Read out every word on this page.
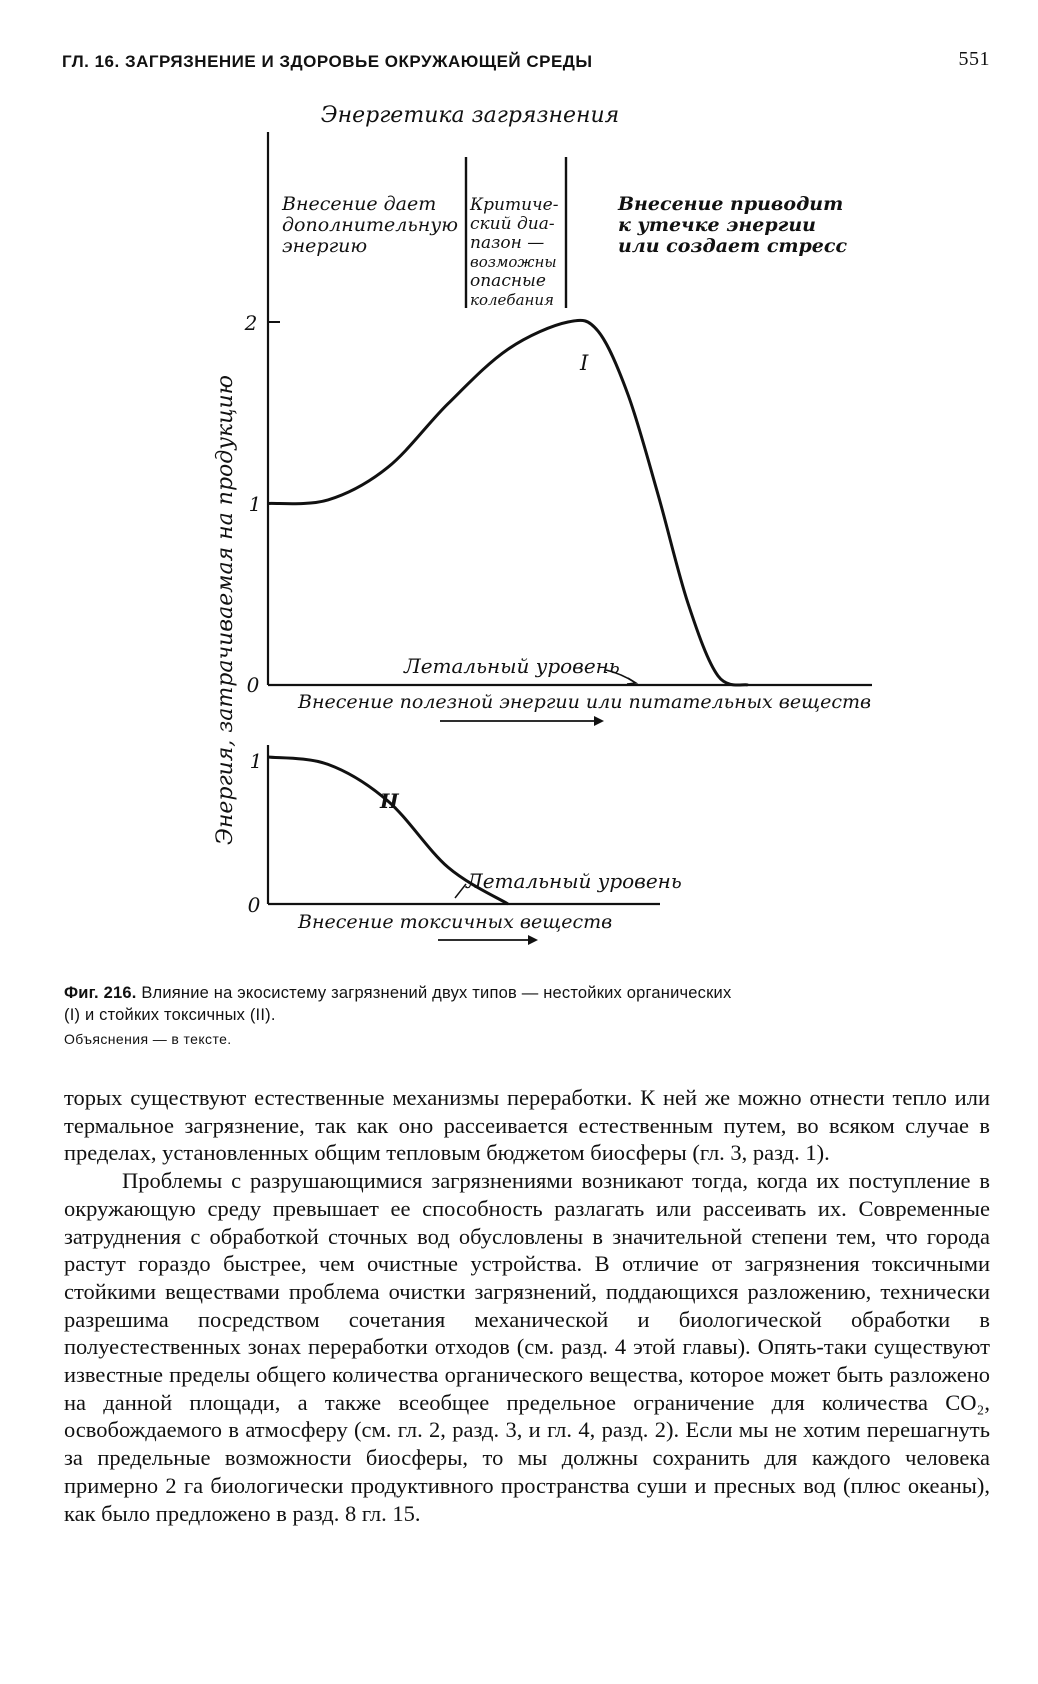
ГЛ. 16. ЗАГРЯЗНЕНИЕ И ЗДОРОВЬЕ ОКРУЖАЮЩЕЙ СРЕДЫ	551
Энергетика загрязнения
Энергия, затрачиваемая на продукцию
2
1
0
Внесение дает
дополнительную
энергию
Критиче-
ский диа-
пазон —
возможны
опасные
колебания
Внесение приводит
к утечке энергии
или создает стресс
I
Летальный уровень
Внесение полезной энергии или питательных веществ
1
0
II
Летальный уровень
Внесение токсичных веществ
Фиг. 216. Влияние на экосистему загрязнений двух типов — нестойких органических
(I) и стойких токсичных (II).
Объяснения — в тексте.

торых существуют естественные механизмы переработки. К ней же можно отнести тепло или термальное загрязнение, так как оно рассеивается естественным путем, во всяком случае в пределах, установленных общим тепловым бюджетом биосферы (гл. 3, разд. 1).

Проблемы с разрушающимися загрязнениями возникают тогда, когда их поступление в окружающую среду превышает ее способность разлагать или рассеивать их. Современные затруднения с обработкой сточных вод обусловлены в значительной степени тем, что города растут гораздо быстрее, чем очистные устройства. В отличие от загрязнения токсичными стойкими веществами проблема очистки загрязнений, поддающихся разложению, технически разрешима посредством сочетания механической и биологической обработки в полуестественных зонах переработки отходов (см. разд. 4 этой главы). Опять-таки существуют известные пределы общего количества органического вещества, которое может быть разложено на данной площади, а также всеобщее предельное ограничение для количества CO₂, освобождаемого в атмосферу (см. гл. 2, разд. 3, и гл. 4, разд. 2). Если мы не хотим перешагнуть за предельные возможности биосферы, то мы должны сохранить для каждого человека примерно 2 га биологически продуктивного пространства суши и пресных вод (плюс океаны), как было предложено в разд. 8 гл. 15.
